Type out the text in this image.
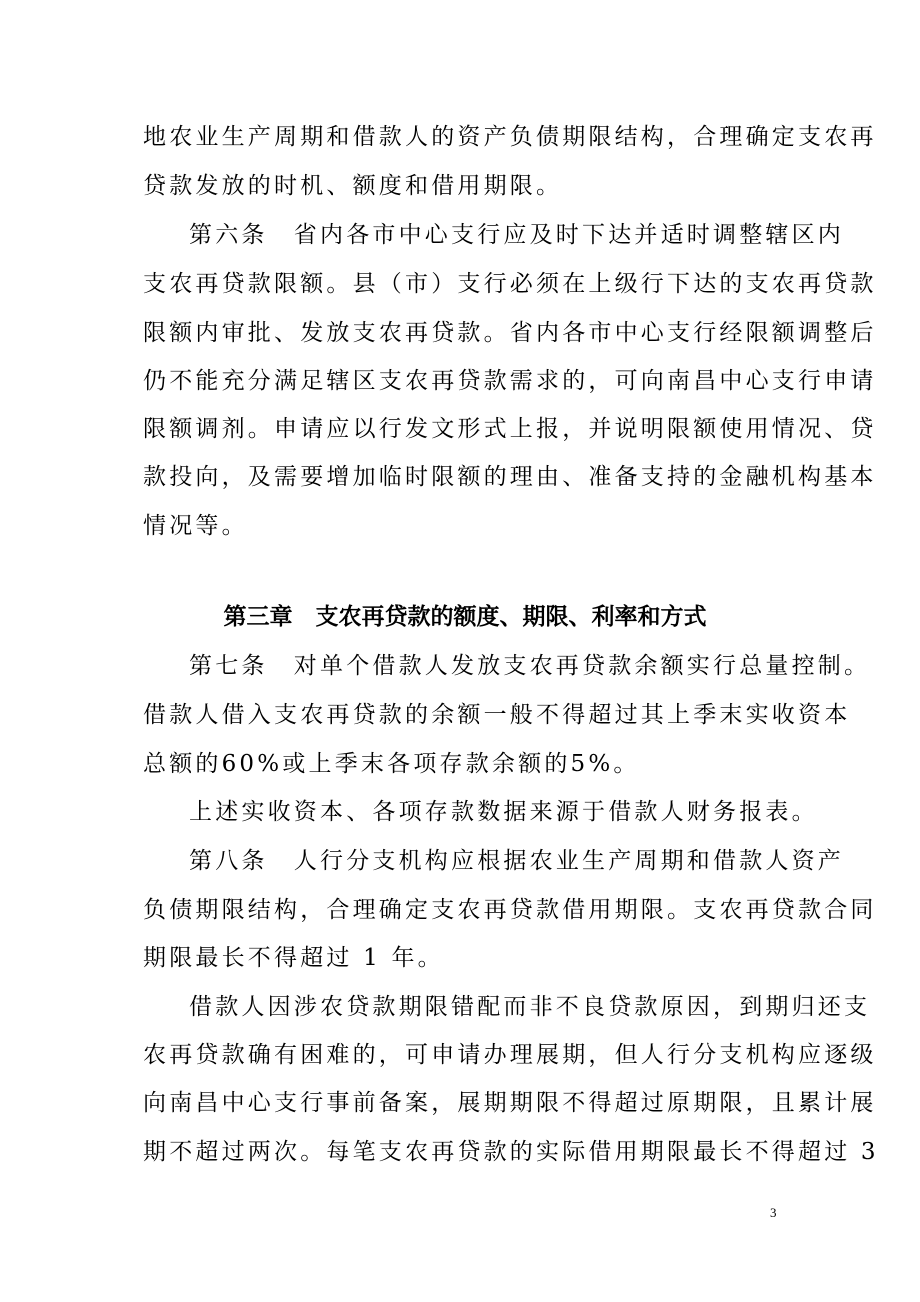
地农业生产周期和借款人的资产负债期限结构，合理确定支农再
贷款发放的时机、额度和借用期限。
第六条　省内各市中心支行应及时下达并适时调整辖区内
支农再贷款限额。县（市）支行必须在上级行下达的支农再贷款
限额内审批、发放支农再贷款。省内各市中心支行经限额调整后
仍不能充分满足辖区支农再贷款需求的，可向南昌中心支行申请
限额调剂。申请应以行发文形式上报，并说明限额使用情况、贷
款投向，及需要增加临时限额的理由、准备支持的金融机构基本
情况等。
第三章　支农再贷款的额度、期限、利率和方式
第七条　对单个借款人发放支农再贷款余额实行总量控制。
借款人借入支农再贷款的余额一般不得超过其上季末实收资本
总额的60%或上季末各项存款余额的5%。
上述实收资本、各项存款数据来源于借款人财务报表。
第八条　人行分支机构应根据农业生产周期和借款人资产
负债期限结构，合理确定支农再贷款借用期限。支农再贷款合同
期限最长不得超过 1 年。
借款人因涉农贷款期限错配而非不良贷款原因，到期归还支
农再贷款确有困难的，可申请办理展期，但人行分支机构应逐级
向南昌中心支行事前备案，展期期限不得超过原期限，且累计展
期不超过两次。每笔支农再贷款的实际借用期限最长不得超过 3
3
